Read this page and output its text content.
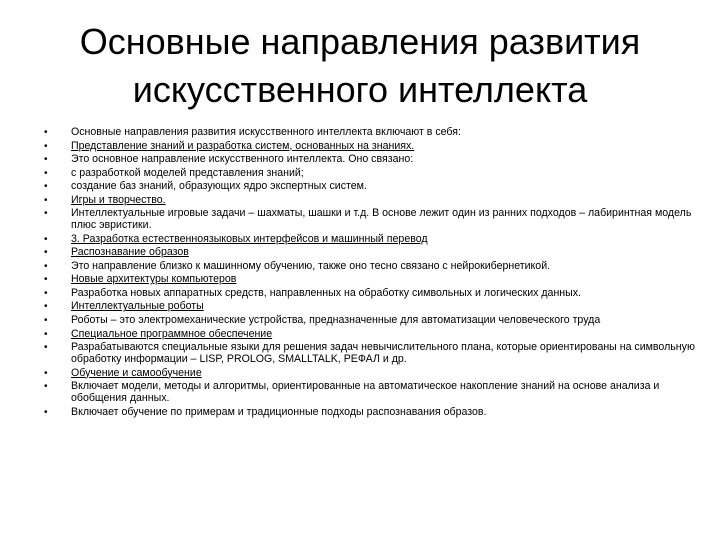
Основные направления развития
искусственного интеллекта
• Основные направления развития искусственного интеллекта включают в себя:
• Представление знаний и разработка систем, основанных на знаниях.
• Это основное направление искусственного интеллекта. Оно связано:
• с разработкой моделей представления знаний;
• создание баз знаний, образующих ядро экспертных систем.
• Игры и творчество.
• Интеллектуальные игровые задачи – шахматы, шашки и т.д. В основе лежит один из ранних подходов – лабиринтная модель плюс эвристики.
• 3. Разработка естественноязыковых интерфейсов и машинный перевод
• Распознавание образов
• Это направление близко к машинному обучению, также оно тесно связано с нейрокибернетикой.
• Новые архитектуры компьютеров
• Разработка новых аппаратных средств, направленных на обработку символьных и логических данных.
• Интеллектуальные роботы
• Роботы – это электромеханические устройства, предназначенные для автоматизации человеческого труда
• Специальное программное обеспечение
• Разрабатываются специальные языки для решения задач невычислительного плана, которые ориентированы на символьную обработку информации – LISP, PROLOG, SMALLTALK, РЕФАЛ и др.
• Обучение и самообучение
• Включает модели, методы и алгоритмы, ориентированные на автоматическое накопление знаний на основе анализа и обобщения данных.
• Включает обучение по примерам и традиционные подходы распознавания образов.
